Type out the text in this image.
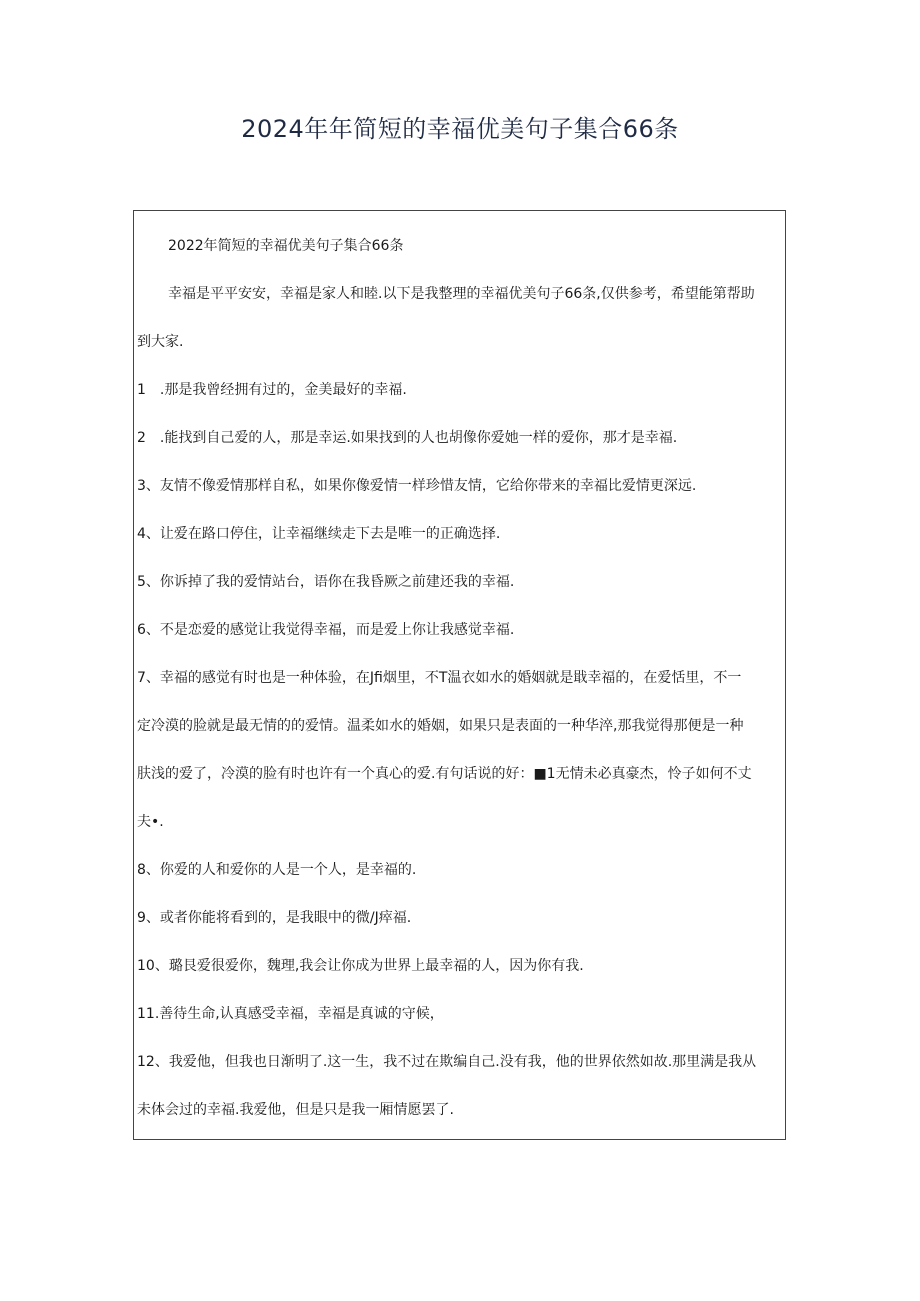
2024年年简短的幸福优美句子集合66条
2022年简短的幸福优美句子集合66条
幸福是平平安安，幸福是家人和睦.以下是我整理的幸福优美句子66条,仅供参考，希望能第帮助
到大家.
1　.那是我曾经拥有过的，金美最好的幸福.
2　.能找到自己爱的人，那是幸运.如果找到的人也胡像你爱她一样的爱你，那才是幸福.
3、友情不像爱情那样自私，如果你像爱情一样珍惜友情，它给你带来的幸福比爱情更深远.
4、让爱在路口停住，让幸福继续走下去是唯一的正确选择.
5、你诉掉了我的爱情站台，语你在我昏厥之前建还我的幸福.
6、不是恋爱的感觉让我觉得幸福，而是爱上你让我感觉幸福.
7、幸福的感觉有时也是一种体验，在Jfi烟里，不T温衣如水的婚姻就是戢幸福的，在爱恬里，不一
定冷漠的脸就是最无情的的爱情。温柔如水的婚姻，如果只是表面的一种华淬,那我觉得那便是一种
肤浅的爱了，冷漠的脸有时也许有一个真心的爱.有句话说的好：■1无情未必真豪杰，怜子如何不丈
夫•.
8、你爱的人和爱你的人是一个人，是幸福的.
9、或者你能将看到的，是我眼中的微/J瘁福.
10、璐艮爱很爱你，魏理,我会让你成为世界上最幸福的人，因为你有我.
11.善待生命,认真感受幸福，幸福是真诚的守候，
12、我爱他，但我也日渐明了.这一生，我不过在欺编自己.没有我，他的世界依然如故.那里满是我从
未体会过的幸福.我爱他，但是只是我一厢情愿罢了.
